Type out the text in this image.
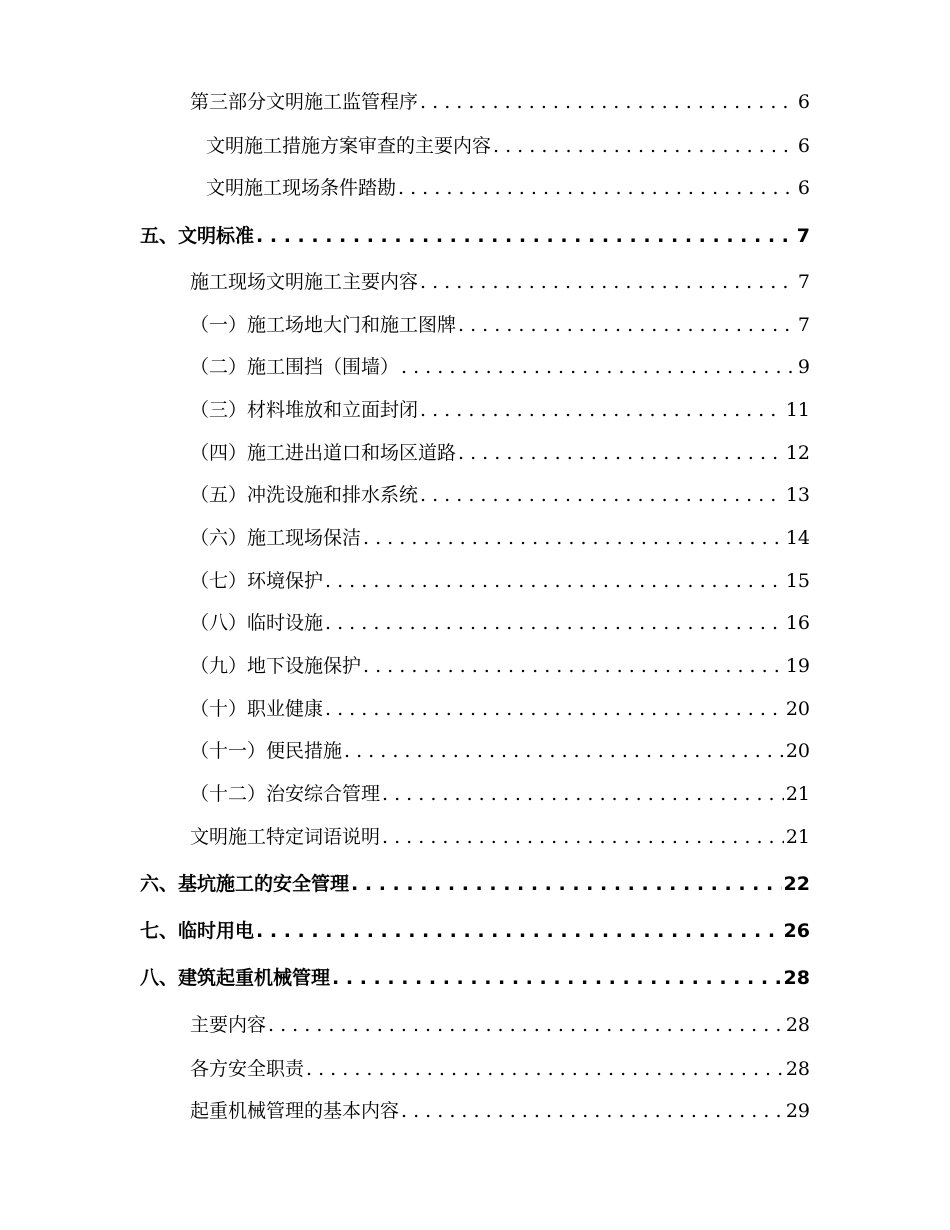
第三部分 文明施工监管程序 . . .	6
文明施工措施方案审查的主要内容 . . .	6
文明施工现场条件踏勘 . . .	6
五、 文明标准 . . .	7
施工现场文明施工主要内容 . . .	7
（一）施工场地大门和施工图牌 . . .	7
（二）施工围挡（围墙） . . .	9
（三）材料堆放和立面封闭 . . .	11
（四）施工进出道口和场区道路 . . .	12
（五）冲洗设施和排水系统 . . .	13
（六）施工现场保洁 . . .	14
（七）环境保护 . . .	15
（八）临时设施 . . .	16
（九）地下设施保护 . . .	19
（十）职业健康 . . .	20
（十一）便民措施 . . .	20
（十二）治安综合管理 . . .	21
文明施工特定词语说明 . . .	21
六、 基坑施工的安全管理 . . .	22
七、 临时用电 . . .	26
八、 建筑起重机械管理 . . .	28
主要内容 . . .	28
各方安全职责 . . .	28
起重机械管理的基本内容 . . .	29
